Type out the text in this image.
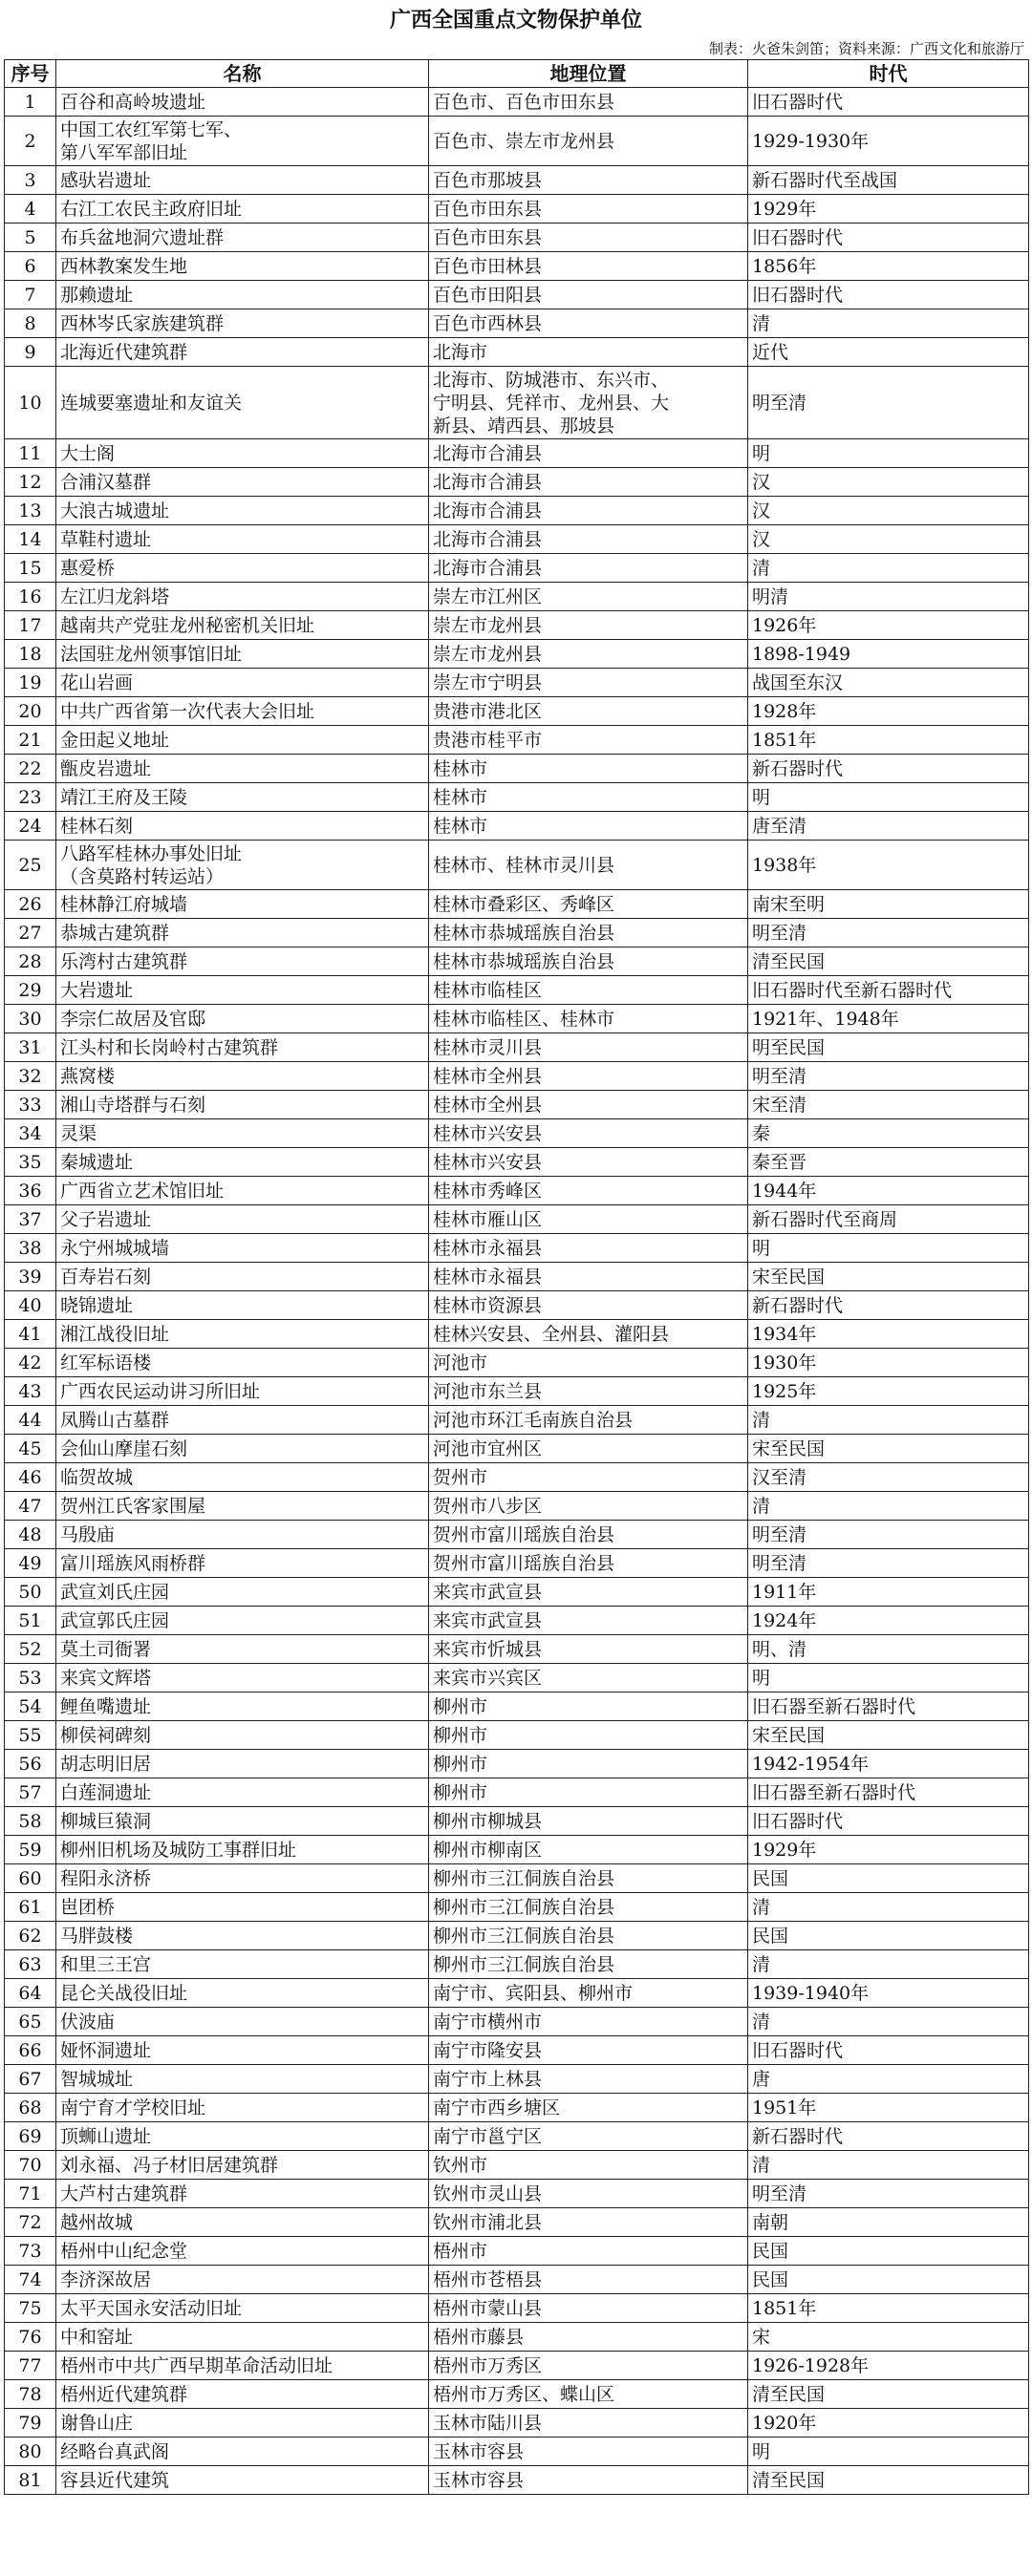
广西全国重点文物保护单位
制表：火爸朱剑笛；资料来源：广西文化和旅游厅
序号	名称	地理位置	时代
1	百谷和高岭坡遗址	百色市、百色市田东县	旧石器时代
2	中国工农红军第七军、
第八军军部旧址	百色市、崇左市龙州县	1929-1930年
3	感驮岩遗址	百色市那坡县	新石器时代至战国
4	右江工农民主政府旧址	百色市田东县	1929年
5	布兵盆地洞穴遗址群	百色市田东县	旧石器时代
6	西林教案发生地	百色市田林县	1856年
7	那赖遗址	百色市田阳县	旧石器时代
8	西林岑氏家族建筑群	百色市西林县	清
9	北海近代建筑群	北海市	近代
10	连城要塞遗址和友谊关	北海市、防城港市、东兴市、
宁明县、凭祥市、龙州县、大
新县、靖西县、那坡县	明至清
11	大士阁	北海市合浦县	明
12	合浦汉墓群	北海市合浦县	汉
13	大浪古城遗址	北海市合浦县	汉
14	草鞋村遗址	北海市合浦县	汉
15	惠爱桥	北海市合浦县	清
16	左江归龙斜塔	崇左市江州区	明清
17	越南共产党驻龙州秘密机关旧址	崇左市龙州县	1926年
18	法国驻龙州领事馆旧址	崇左市龙州县	1898-1949
19	花山岩画	崇左市宁明县	战国至东汉
20	中共广西省第一次代表大会旧址	贵港市港北区	1928年
21	金田起义地址	贵港市桂平市	1851年
22	甑皮岩遗址	桂林市	新石器时代
23	靖江王府及王陵	桂林市	明
24	桂林石刻	桂林市	唐至清
25	八路军桂林办事处旧址
（含莫路村转运站）	桂林市、桂林市灵川县	1938年
26	桂林静江府城墙	桂林市叠彩区、秀峰区	南宋至明
27	恭城古建筑群	桂林市恭城瑶族自治县	明至清
28	乐湾村古建筑群	桂林市恭城瑶族自治县	清至民国
29	大岩遗址	桂林市临桂区	旧石器时代至新石器时代
30	李宗仁故居及官邸	桂林市临桂区、桂林市	1921年、1948年
31	江头村和长岗岭村古建筑群	桂林市灵川县	明至民国
32	燕窝楼	桂林市全州县	明至清
33	湘山寺塔群与石刻	桂林市全州县	宋至清
34	灵渠	桂林市兴安县	秦
35	秦城遗址	桂林市兴安县	秦至晋
36	广西省立艺术馆旧址	桂林市秀峰区	1944年
37	父子岩遗址	桂林市雁山区	新石器时代至商周
38	永宁州城城墙	桂林市永福县	明
39	百寿岩石刻	桂林市永福县	宋至民国
40	晓锦遗址	桂林市资源县	新石器时代
41	湘江战役旧址	桂林兴安县、全州县、灌阳县	1934年
42	红军标语楼	河池市	1930年
43	广西农民运动讲习所旧址	河池市东兰县	1925年
44	凤腾山古墓群	河池市环江毛南族自治县	清
45	会仙山摩崖石刻	河池市宜州区	宋至民国
46	临贺故城	贺州市	汉至清
47	贺州江氏客家围屋	贺州市八步区	清
48	马殷庙	贺州市富川瑶族自治县	明至清
49	富川瑶族风雨桥群	贺州市富川瑶族自治县	明至清
50	武宣刘氏庄园	来宾市武宣县	1911年
51	武宣郭氏庄园	来宾市武宣县	1924年
52	莫土司衙署	来宾市忻城县	明、清
53	来宾文辉塔	来宾市兴宾区	明
54	鲤鱼嘴遗址	柳州市	旧石器至新石器时代
55	柳侯祠碑刻	柳州市	宋至民国
56	胡志明旧居	柳州市	1942-1954年
57	白莲洞遗址	柳州市	旧石器至新石器时代
58	柳城巨猿洞	柳州市柳城县	旧石器时代
59	柳州旧机场及城防工事群旧址	柳州市柳南区	1929年
60	程阳永济桥	柳州市三江侗族自治县	民国
61	岜团桥	柳州市三江侗族自治县	清
62	马胖鼓楼	柳州市三江侗族自治县	民国
63	和里三王宫	柳州市三江侗族自治县	清
64	昆仑关战役旧址	南宁市、宾阳县、柳州市	1939-1940年
65	伏波庙	南宁市横州市	清
66	娅怀洞遗址	南宁市隆安县	旧石器时代
67	智城城址	南宁市上林县	唐
68	南宁育才学校旧址	南宁市西乡塘区	1951年
69	顶蛳山遗址	南宁市邕宁区	新石器时代
70	刘永福、冯子材旧居建筑群	钦州市	清
71	大芦村古建筑群	钦州市灵山县	明至清
72	越州故城	钦州市浦北县	南朝
73	梧州中山纪念堂	梧州市	民国
74	李济深故居	梧州市苍梧县	民国
75	太平天国永安活动旧址	梧州市蒙山县	1851年
76	中和窑址	梧州市藤县	宋
77	梧州市中共广西早期革命活动旧址	梧州市万秀区	1926-1928年
78	梧州近代建筑群	梧州市万秀区、蝶山区	清至民国
79	谢鲁山庄	玉林市陆川县	1920年
80	经略台真武阁	玉林市容县	明
81	容县近代建筑	玉林市容县	清至民国
